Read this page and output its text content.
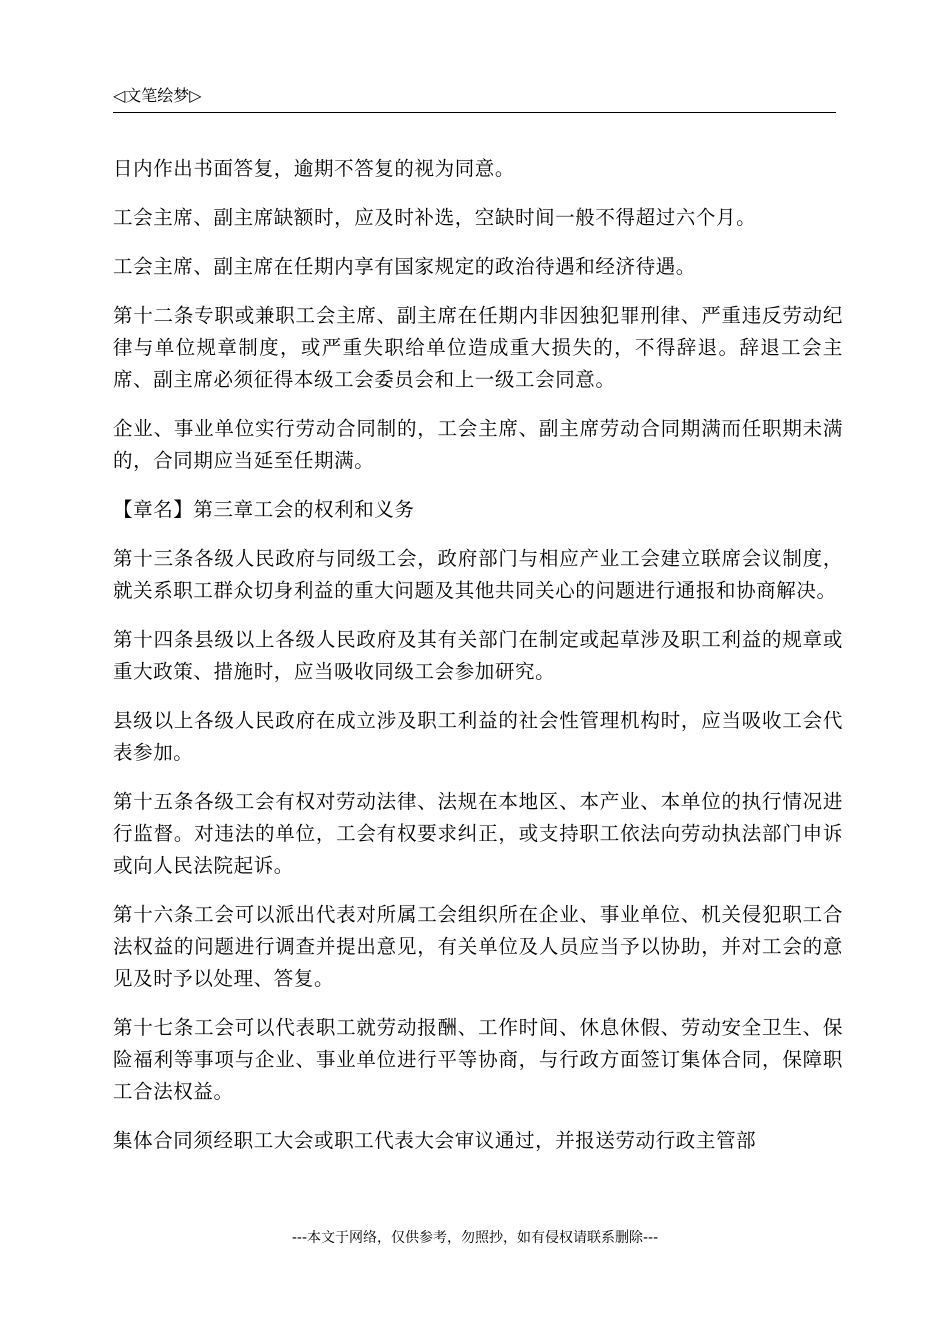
◁文笔绘梦▷

日内作出书面答复，逾期不答复的视为同意。

工会主席、副主席缺额时，应及时补选，空缺时间一般不得超过六个月。

工会主席、副主席在任期内享有国家规定的政治待遇和经济待遇。

第十二条专职或兼职工会主席、副主席在任期内非因独犯罪刑律、严重违反劳动纪律与单位规章制度，或严重失职给单位造成重大损失的，不得辞退。辞退工会主席、副主席必须征得本级工会委员会和上一级工会同意。

企业、事业单位实行劳动合同制的，工会主席、副主席劳动合同期满而任职期未满的，合同期应当延至任期满。

【章名】第三章工会的权利和义务

第十三条各级人民政府与同级工会，政府部门与相应产业工会建立联席会议制度，就关系职工群众切身利益的重大问题及其他共同关心的问题进行通报和协商解决。

第十四条县级以上各级人民政府及其有关部门在制定或起草涉及职工利益的规章或重大政策、措施时，应当吸收同级工会参加研究。

县级以上各级人民政府在成立涉及职工利益的社会性管理机构时，应当吸收工会代表参加。

第十五条各级工会有权对劳动法律、法规在本地区、本产业、本单位的执行情况进行监督。对违法的单位，工会有权要求纠正，或支持职工依法向劳动执法部门申诉或向人民法院起诉。

第十六条工会可以派出代表对所属工会组织所在企业、事业单位、机关侵犯职工合法权益的问题进行调查并提出意见，有关单位及人员应当予以协助，并对工会的意见及时予以处理、答复。

第十七条工会可以代表职工就劳动报酬、工作时间、休息休假、劳动安全卫生、保险福利等事项与企业、事业单位进行平等协商，与行政方面签订集体合同，保障职工合法权益。

集体合同须经职工大会或职工代表大会审议通过，并报送劳动行政主管部

---本文于网络，仅供参考，勿照抄，如有侵权请联系删除---
